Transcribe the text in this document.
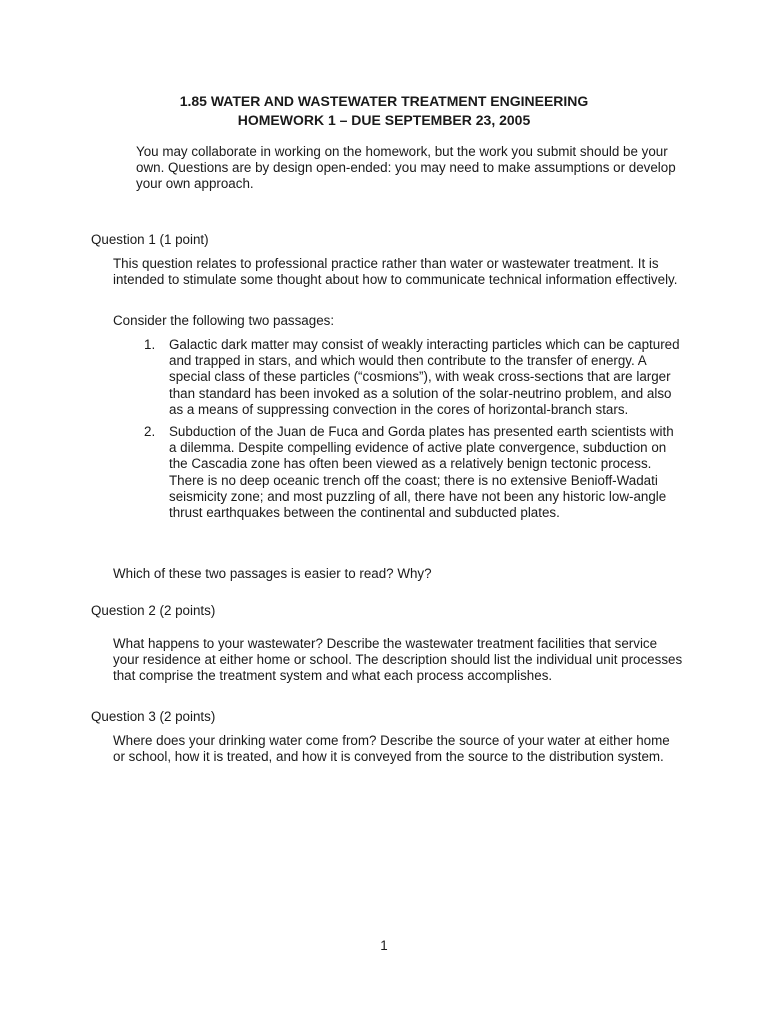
1.85 WATER AND WASTEWATER TREATMENT ENGINEERING
HOMEWORK 1 – DUE SEPTEMBER 23, 2005

You may collaborate in working on the homework, but the work you submit should be your own. Questions are by design open-ended: you may need to make assumptions or develop your own approach.

Question 1 (1 point)

This question relates to professional practice rather than water or wastewater treatment. It is intended to stimulate some thought about how to communicate technical information effectively.

Consider the following two passages:

1. Galactic dark matter may consist of weakly interacting particles which can be captured and trapped in stars, and which would then contribute to the transfer of energy. A special class of these particles (“cosmions”), with weak cross-sections that are larger than standard has been invoked as a solution of the solar-neutrino problem, and also as a means of suppressing convection in the cores of horizontal-branch stars.
2. Subduction of the Juan de Fuca and Gorda plates has presented earth scientists with a dilemma. Despite compelling evidence of active plate convergence, subduction on the Cascadia zone has often been viewed as a relatively benign tectonic process. There is no deep oceanic trench off the coast; there is no extensive Benioff-Wadati seismicity zone; and most puzzling of all, there have not been any historic low-angle thrust earthquakes between the continental and subducted plates.

Which of these two passages is easier to read? Why?

Question 2 (2 points)

What happens to your wastewater? Describe the wastewater treatment facilities that service your residence at either home or school. The description should list the individual unit processes that comprise the treatment system and what each process accomplishes.

Question 3 (2 points)

Where does your drinking water come from? Describe the source of your water at either home or school, how it is treated, and how it is conveyed from the source to the distribution system.

1
